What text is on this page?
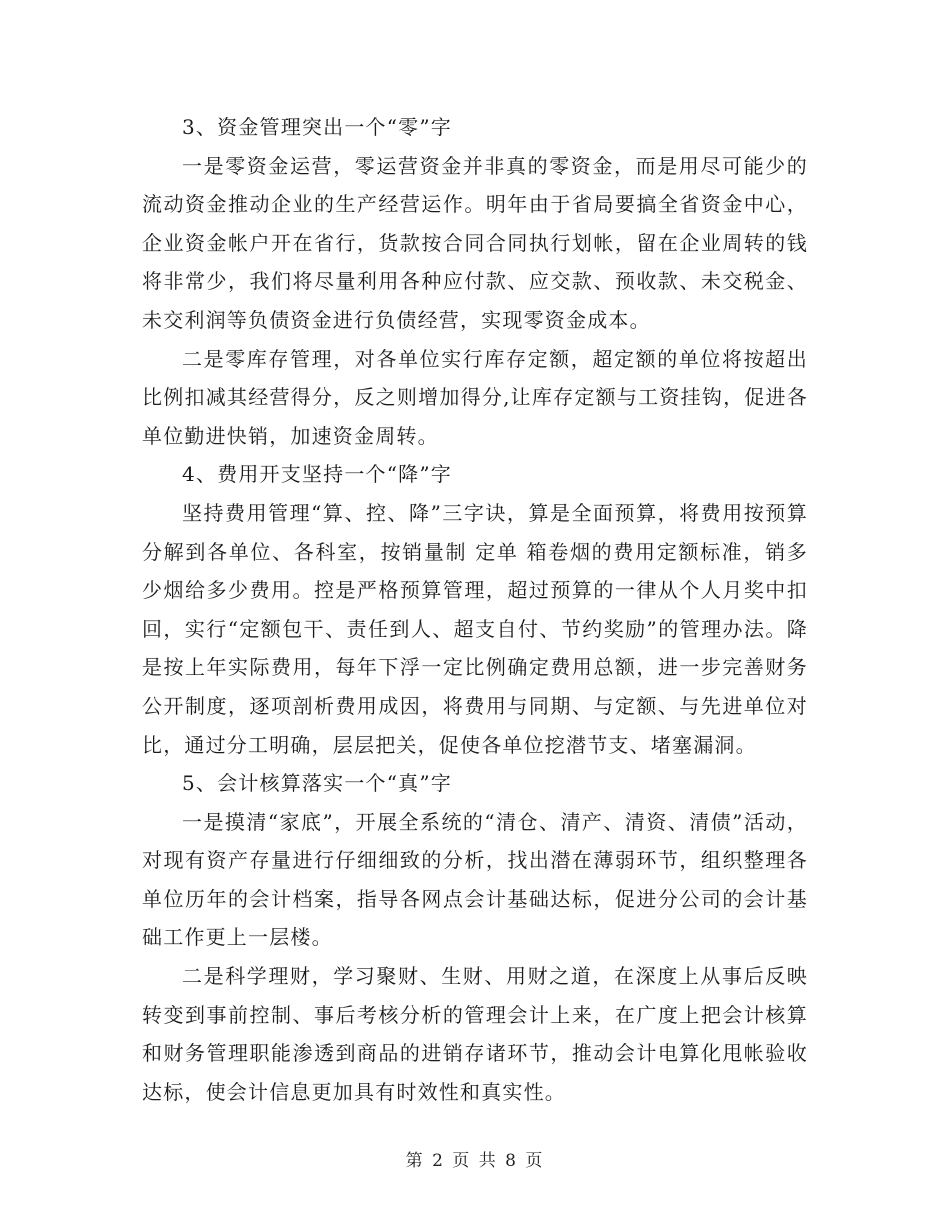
3、资金管理突出一个“零”字

一是零资金运营，零运营资金并非真的零资金，而是用尽可能少的流动资金推动企业的生产经营运作。明年由于省局要搞全省资金中心，企业资金帐户开在省行，货款按合同合同执行划帐，留在企业周转的钱将非常少，我们将尽量利用各种应付款、应交款、预收款、未交税金、未交利润等负债资金进行负债经营，实现零资金成本。

二是零库存管理，对各单位实行库存定额，超定额的单位将按超出比例扣减其经营得分，反之则增加得分,让库存定额与工资挂钩，促进各单位勤进快销，加速资金周转。

4、费用开支坚持一个“降”字

坚持费用管理“算、控、降”三字诀，算是全面预算，将费用按预算分解到各单位、各科室，按销量制 定单 箱卷烟的费用定额标准，销多少烟给多少费用。控是严格预算管理，超过预算的一律从个人月奖中扣回，实行“定额包干、责任到人、超支自付、节约奖励”的管理办法。降是按上年实际费用，每年下浮一定比例确定费用总额，进一步完善财务公开制度，逐项剖析费用成因，将费用与同期、与定额、与先进单位对比，通过分工明确，层层把关，促使各单位挖潜节支、堵塞漏洞。

5、会计核算落实一个“真”字

一是摸清“家底”，开展全系统的“清仓、清产、清资、清债”活动，对现有资产存量进行仔细细致的分析，找出潜在薄弱环节，组织整理各单位历年的会计档案，指导各网点会计基础达标，促进分公司的会计基础工作更上一层楼。

二是科学理财，学习聚财、生财、用财之道，在深度上从事后反映转变到事前控制、事后考核分析的管理会计上来，在广度上把会计核算和财务管理职能渗透到商品的进销存诸环节，推动会计电算化甩帐验收达标，使会计信息更加具有时效性和真实性。

第 2 页 共 8 页
